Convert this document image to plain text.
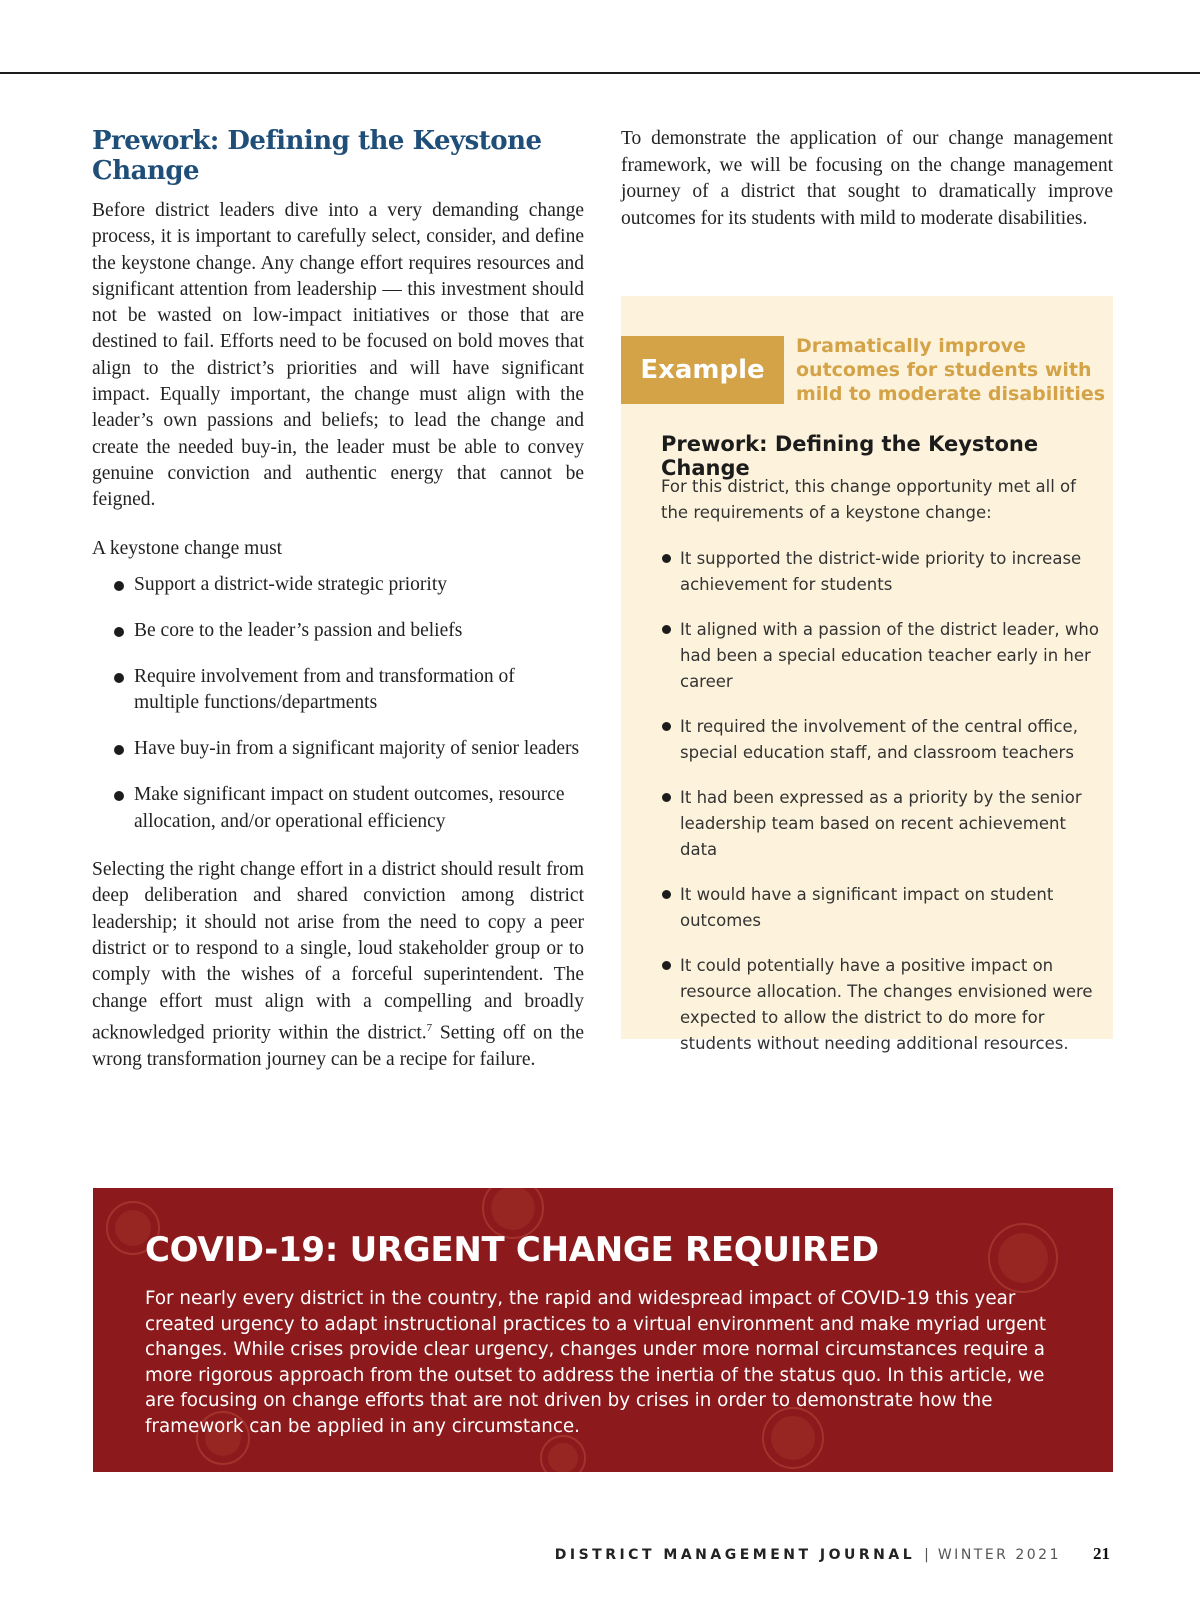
Prework: Defining the Keystone Change

Before district leaders dive into a very demanding change process, it is important to carefully select, consider, and define the keystone change. Any change effort requires resources and significant attention from leadership — this investment should not be wasted on low-impact initiatives or those that are destined to fail. Efforts need to be focused on bold moves that align to the district’s priorities and will have significant impact. Equally important, the change must align with the leader’s own passions and beliefs; to lead the change and create the needed buy-in, the leader must be able to convey genuine conviction and authentic energy that cannot be feigned.

A keystone change must

Support a district-wide strategic priority
Be core to the leader’s passion and beliefs
Require involvement from and transformation of multiple functions/departments
Have buy-in from a significant majority of senior leaders
Make significant impact on student outcomes, resource allocation, and/or operational efficiency

Selecting the right change effort in a district should result from deep deliberation and shared conviction among district leadership; it should not arise from the need to copy a peer district or to respond to a single, loud stakeholder group or to comply with the wishes of a forceful superintendent. The change effort must align with a compelling and broadly acknowledged priority within the district.$^7$ Setting off on the wrong transformation journey can be a recipe for failure.

To demonstrate the application of our change management framework, we will be focusing on the change management journey of a district that sought to dramatically improve outcomes for its students with mild to moderate disabilities.

Example
Dramatically improve outcomes for students with mild to moderate disabilities
Prework: Defining the Keystone Change

For this district, this change opportunity met all of the requirements of a keystone change:

It supported the district-wide priority to increase achievement for students
It aligned with a passion of the district leader, who had been a special education teacher early in her career
It required the involvement of the central office, special education staff, and classroom teachers
It had been expressed as a priority by the senior leadership team based on recent achievement data
It would have a significant impact on student outcomes
It could potentially have a positive impact on resource allocation. The changes envisioned were expected to allow the district to do more for students without needing additional resources.
COVID-19: URGENT CHANGE REQUIRED

For nearly every district in the country, the rapid and widespread impact of COVID-19 this year created urgency to adapt instructional practices to a virtual environment and make myriad urgent changes. While crises provide clear urgency, changes under more normal circumstances require a more rigorous approach from the outset to address the inertia of the status quo. In this article, we are focusing on change efforts that are not driven by crises in order to demonstrate how the framework can be applied in any circumstance.

DISTRICT MANAGEMENT JOURNAL | WINTER 2021 21
